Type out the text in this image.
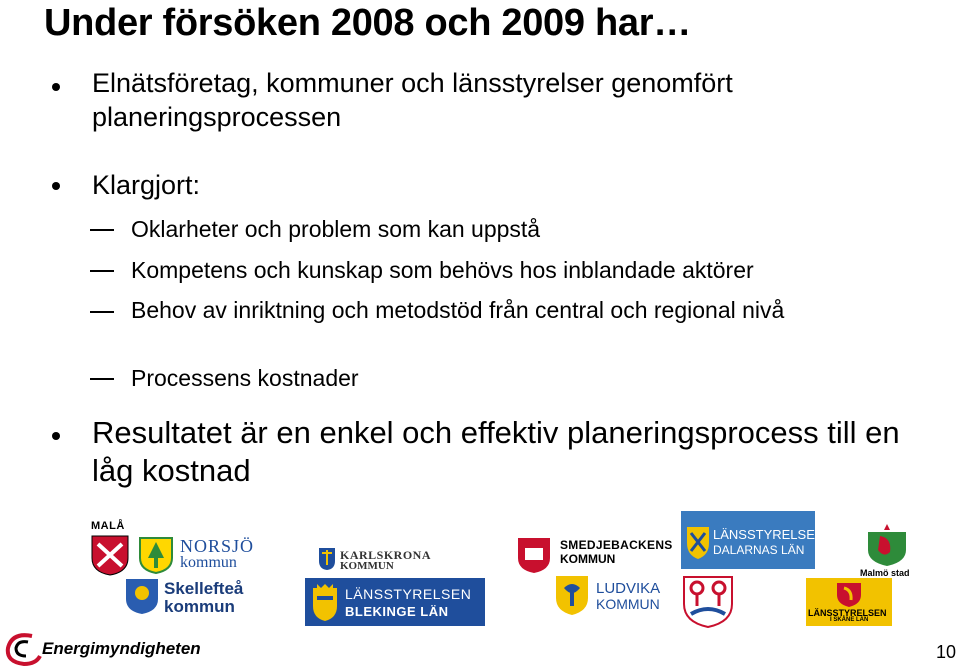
Under försöken 2008 och 2009 har…
Elnätsföretag, kommuner och länsstyrelser genomfört planeringsprocessen
Klargjort:
Oklarheter och problem som kan uppstå
Kompetens och kunskap som behövs hos inblandade aktörer
Behov av inriktning och metodstöd från central och regional nivå
Processens kostnader
Resultatet är en enkel och effektiv planeringsprocess till en låg kostnad
MALÅ
NORSJÖ
kommun
Skellefteå
kommun
KARLSKRONA
KOMMUN
LÄNSSTYRELSEN
BLEKINGE LÄN
SMEDJEBACKENS
KOMMUN
LÄNSSTYRELSEN
DALARNAS LÄN
LUDVIKA
KOMMUN
Malmö stad
LÄNSSTYRELSEN
I SKÅNE LÄN
Energimyndigheten	10
